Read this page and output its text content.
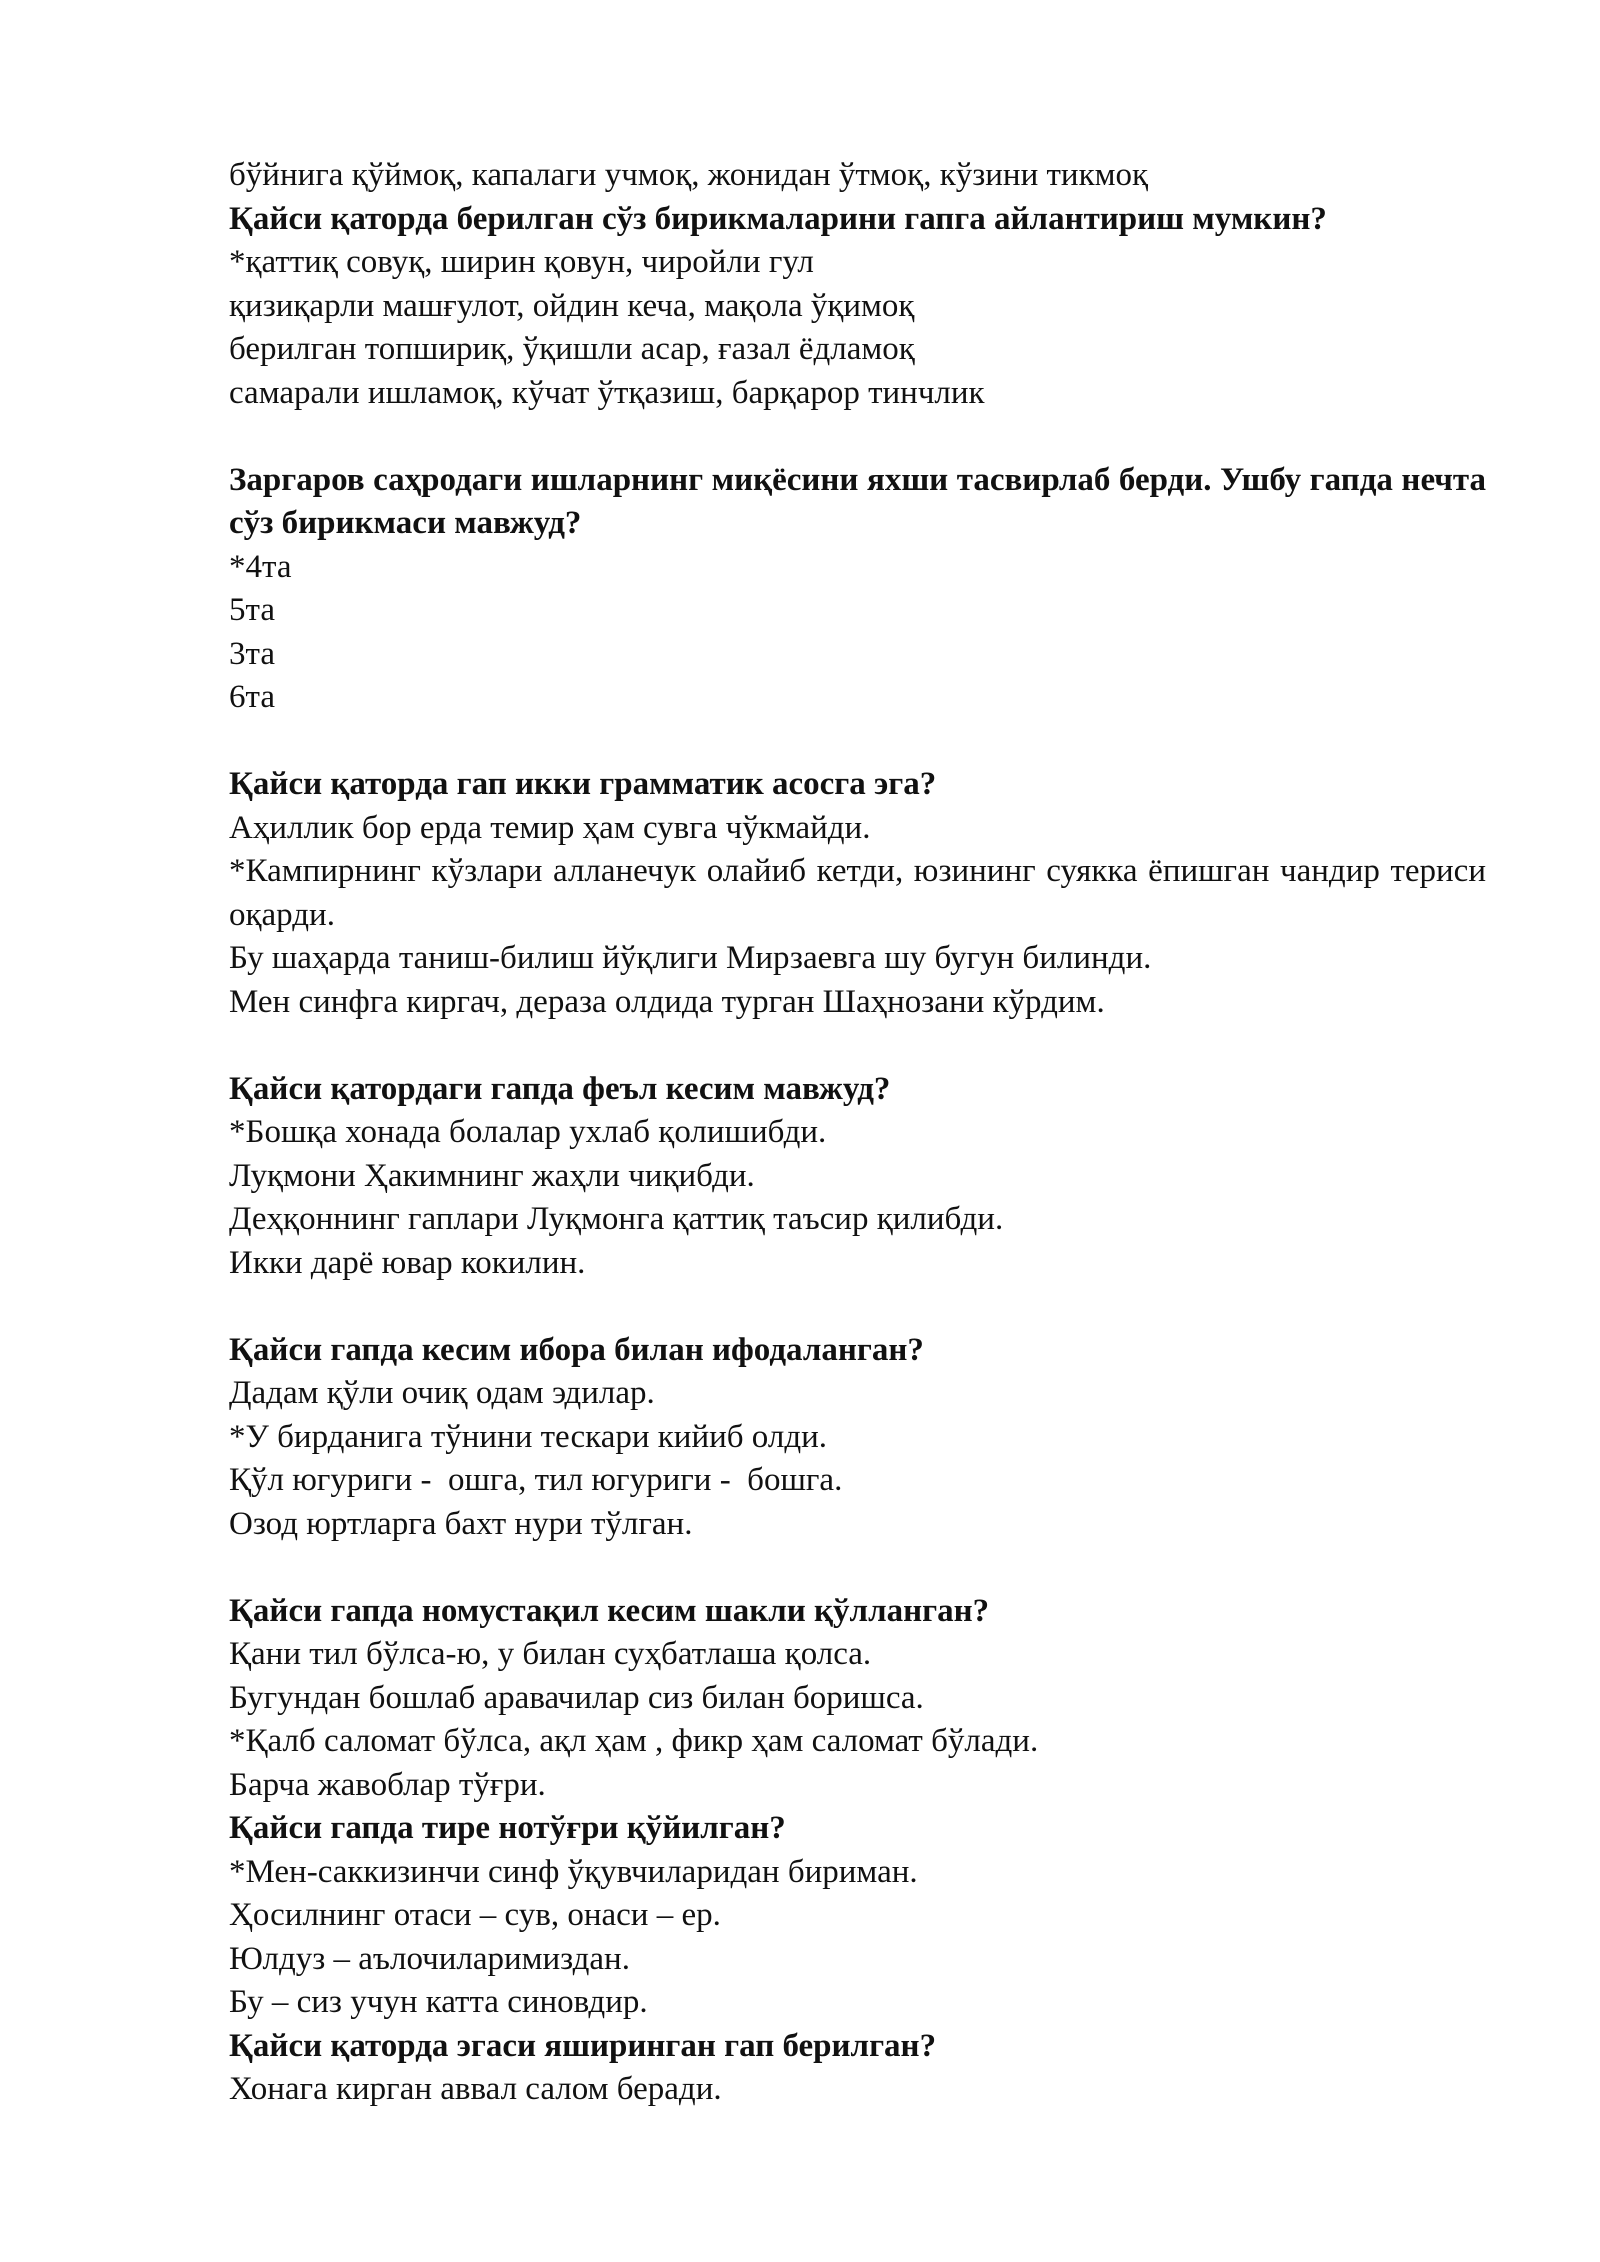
бўйнига қўймоқ, капалаги учмоқ, жонидан ўтмоқ, кўзини тикмоқ

Қайси қаторда берилган сўз бирикмаларини гапга айлантириш мумкин?

*қаттиқ совуқ, ширин қовун, чиройли гул

қизиқарли машғулот, ойдин кеча, мақола ўқимоқ

берилган топшириқ, ўқишли асар, ғазал ёдламоқ

самарали ишламоқ, кўчат ўтқазиш, барқарор тинчлик

Заргаров саҳродаги ишларнинг миқёсини яхши тасвирлаб берди. Ушбу гапда нечта сўз бирикмаси мавжуд?

*4та

5та

3та

6та

Қайси қаторда гап икки грамматик асосга эга?

Аҳиллик бор ерда темир ҳам сувга чўкмайди.

*Кампирнинг кўзлари алланечук олайиб кетди, юзининг суякка ёпишган чандир териси оқарди.

Бу шаҳарда таниш-билиш йўқлиги Мирзаевга шу бугун билинди.

Мен синфга киргач, дераза олдида турган Шаҳнозани кўрдим.

Қайси қатордаги гапда феъл кесим мавжуд?

*Бошқа хонада болалар ухлаб қолишибди.

Луқмони Ҳакимнинг жаҳли чиқибди.

Деҳқоннинг гаплари Луқмонга қаттиқ таъсир қилибди.

Икки дарё ювар кокилин.

Қайси гапда кесим ибора билан ифодаланган?

Дадам қўли очиқ одам эдилар.

*У бирданига тўнини тескари кийиб олди.

Қўл югуриги -  ошга, тил югуриги -  бошга.

Озод юртларга бахт нури тўлган.

Қайси гапда номустақил кесим шакли қўлланган?

Қани тил бўлса-ю, у билан суҳбатлаша қолса.

Бугундан бошлаб аравачилар сиз билан боришса.

*Қалб саломат бўлса, ақл ҳам , фикр ҳам саломат бўлади.

Барча жавоблар тўғри.

Қайси гапда тире нотўғри қўйилган?

*Мен-саккизинчи синф ўқувчиларидан бириман.

Ҳосилнинг отаси – сув, онаси – ер.

Юлдуз – аълочиларимиздан.

Бу – сиз учун катта синовдир.

Қайси қаторда эгаси яширинган гап берилган?

Хонага кирган аввал салом беради.
